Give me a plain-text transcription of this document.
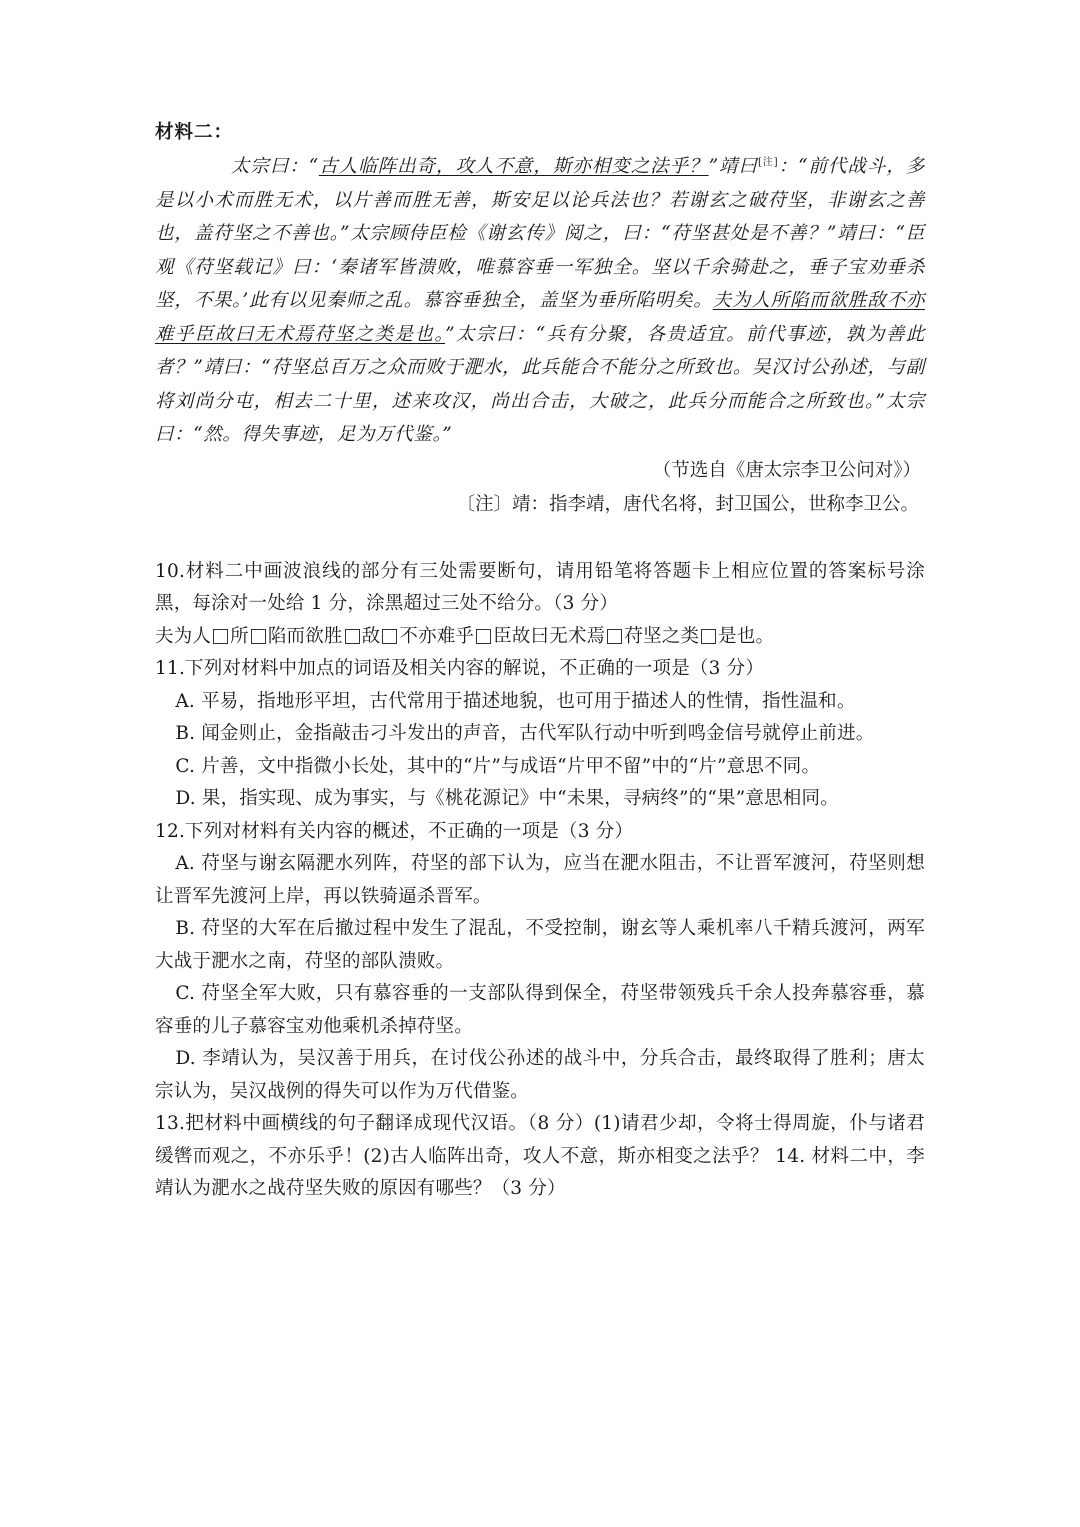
材料二：

　　太宗曰：“古人临阵出奇，攻人不意，斯亦相变之法乎？”靖曰[注]：“前代战斗，多是以小术而胜无术，以片善而胜无善，斯安足以论兵法也？若谢玄之破苻坚，非谢玄之善也，盖苻坚之不善也。”太宗顾侍臣检《谢玄传》阅之，曰：“苻坚甚处是不善？”靖曰：“臣观《苻坚载记》曰：‘秦诸军皆溃败，唯慕容垂一军独全。坚以千余骑赴之，垂子宝劝垂杀坚，不果。’此有以见秦师之乱。慕容垂独全，盖坚为垂所陷明矣。夫为人所陷而欲胜敌不亦难乎臣故曰无术焉苻坚之类是也。”太宗曰：“兵有分聚，各贵适宜。前代事迹，孰为善此者？”靖曰：“苻坚总百万之众而败于淝水，此兵能合不能分之所致也。吴汉讨公孙述，与副将刘尚分屯，相去二十里，述来攻汉，尚出合击，大破之，此兵分而能合之所致也。”太宗曰：“然。得失事迹，足为万代鉴。”

（节选自《唐太宗李卫公问对》）
〔注〕靖：指李靖，唐代名将，封卫国公，世称李卫公。

10.材料二中画波浪线的部分有三处需要断句，请用铅笔将答题卡上相应位置的答案标号涂黑，每涂对一处给 1 分，涂黑超过三处不给分。（3 分）

夫为人 所 陷而欲胜 敌 不亦难乎 臣故曰无术焉 苻坚之类 是也。

11.下列对材料中加点的词语及相关内容的解说，不正确的一项是（3 分）

A. 平易，指地形平坦，古代常用于描述地貌，也可用于描述人的性情，指性温和。

B. 闻金则止，金指敲击刁斗发出的声音，古代军队行动中听到鸣金信号就停止前进。

C. 片善，文中指微小长处，其中的“片”与成语“片甲不留”中的“片”意思不同。

D. 果，指实现、成为事实，与《桃花源记》中“未果，寻病终”的“果”意思相同。

12.下列对材料有关内容的概述，不正确的一项是（3 分）

A. 苻坚与谢玄隔淝水列阵，苻坚的部下认为，应当在淝水阻击，不让晋军渡河，苻坚则想让晋军先渡河上岸，再以铁骑逼杀晋军。

B. 苻坚的大军在后撤过程中发生了混乱，不受控制，谢玄等人乘机率八千精兵渡河，两军大战于淝水之南，苻坚的部队溃败。

C. 苻坚全军大败，只有慕容垂的一支部队得到保全，苻坚带领残兵千余人投奔慕容垂，慕容垂的儿子慕容宝劝他乘机杀掉苻坚。

D. 李靖认为，吴汉善于用兵，在讨伐公孙述的战斗中，分兵合击，最终取得了胜利；唐太宗认为，吴汉战例的得失可以作为万代借鉴。

13.把材料中画横线的句子翻译成现代汉语。（8 分）(1)请君少却，令将士得周旋，仆与诸君缓辔而观之，不亦乐乎！(2)古人临阵出奇，攻人不意，斯亦相变之法乎？ 14. 材料二中，李靖认为淝水之战苻坚失败的原因有哪些？（3 分）
